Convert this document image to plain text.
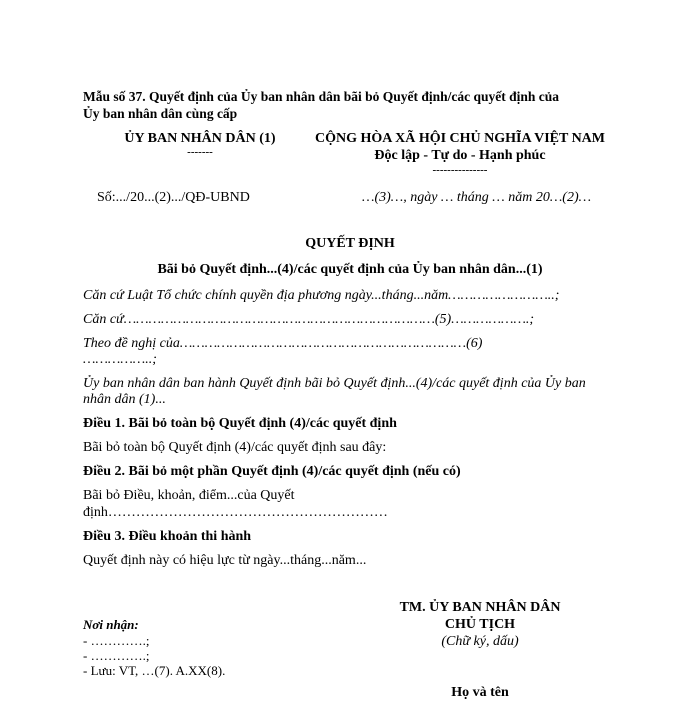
Mẫu số 37. Quyết định của Ủy ban nhân dân bãi bỏ Quyết định/các quyết định của
Ủy ban nhân dân cùng cấp
ỦY BAN NHÂN DÂN (1)
-------
CỘNG HÒA XÃ HỘI CHỦ NGHĨA VIỆT NAM
Độc lập - Tự do - Hạnh phúc
---------------
Số:.../20...(2).../QĐ-UBND	…(3)…, ngày … tháng … năm 20…(2)…
QUYẾT ĐỊNH
Bãi bỏ Quyết định...(4)/các quyết định của Ủy ban nhân dân...(1)
Căn cứ Luật Tổ chức chính quyền địa phương ngày...tháng...năm……………………..;
Căn cứ…………………………………………………………………(5)……………….;
Theo đề nghị của……………………………………………………………(6)
……………..;
Ủy ban nhân dân ban hành Quyết định bãi bỏ Quyết định...(4)/các quyết định của Ủy ban
nhân dân (1)...
Điều 1. Bãi bỏ toàn bộ Quyết định (4)/các quyết định
Bãi bỏ toàn bộ Quyết định (4)/các quyết định sau đây:
Điều 2. Bãi bỏ một phần Quyết định (4)/các quyết định (nếu có)
Bãi bỏ Điều, khoản, điểm...của Quyết
định……………………………………………………
Điều 3. Điều khoản thi hành
Quyết định này có hiệu lực từ ngày...tháng...năm...
Nơi nhận:
- ………….;
- ………….;
- Lưu: VT, …(7). A.XX(8).
TM. ỦY BAN NHÂN DÂN
CHỦ TỊCH
(Chữ ký, dấu)
Họ và tên
